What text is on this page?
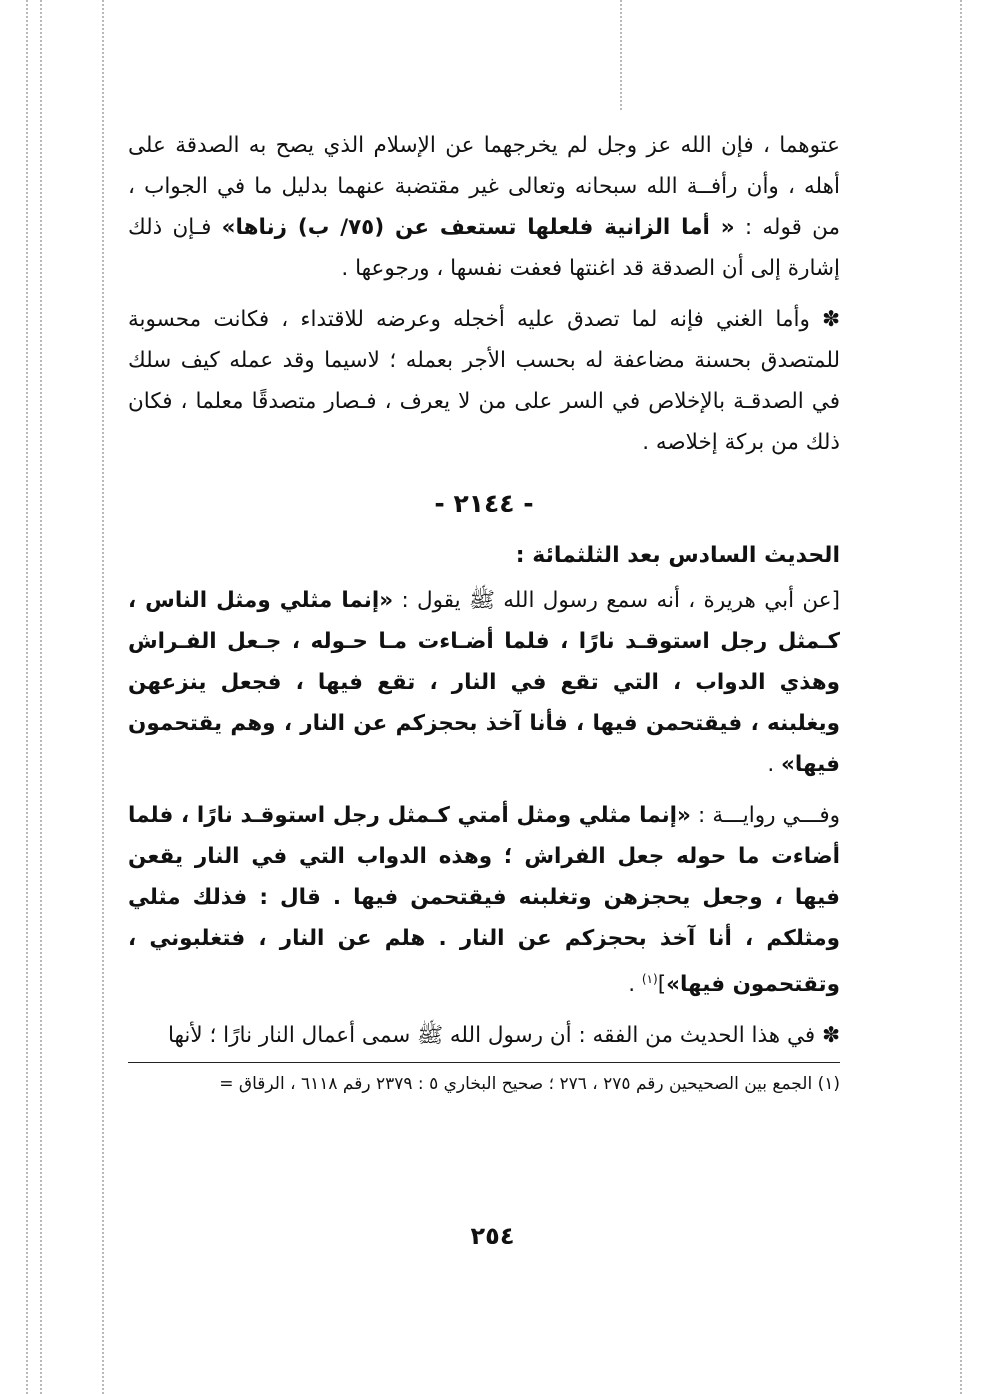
عتوهما ، فإن الله عز وجل لم يخرجهما عن الإسلام الذي يصح به الصدقة على أهله ، وأن رأفــة الله سبحانه وتعالى غير مقتضبة عنهما بدليل ما في الجواب ، من قوله : « أما الزانية فلعلها تستعف عن (٧٥/ ب) زناها» فـإن ذلك إشارة إلى أن الصدقة قد اغنتها فعفت نفسها ، ورجوعها .

✽ وأما الغني فإنه لما تصدق عليه أخجله وعرضه للاقتداء ، فكانت محسوبة للمتصدق بحسنة مضاعفة له بحسب الأجر بعمله ؛ لاسيما وقد عمله كيف سلك في الصدقـة بالإخلاص في السر على من لا يعرف ، فـصار متصدقًا معلما ، فكان ذلك من بركة إخلاصه .

- ٢١٤٤ -
الحديث السادس بعد الثلثمائة :

[عن أبي هريرة ، أنه سمع رسول الله ﷺ يقول : «إنما مثلي ومثل الناس ، كـمثل رجل استوقـد نارًا ، فلما أضـاءت مـا حـوله ، جـعل الفـراش وهذي الدواب ، التي تقع في النار ، تقع فيها ، فجعل ينزعهن ويغلبنه ، فيقتحمن فيها ، فأنا آخذ بحجزكم عن النار ، وهم يقتحمون فيها» .

وفـــي روايـــة : «إنما مثلي ومثل أمتي كـمثل رجل استوقـد نارًا ، فلما أضاءت ما حوله جعل الفراش ؛ وهذه الدواب التي في النار يقعن فيها ، وجعل يحجزهن وتغلبنه فيقتحمن فيها . قال : فذلك مثلي ومثلكم ، أنا آخذ بحجزكم عن النار . هلم عن النار ، فتغلبوني ، وتقتحمون فيها»]$^{(١)}$ .

✽ في هذا الحديث من الفقه : أن رسول الله ﷺ سمى أعمال النار نارًا ؛ لأنها

(١) الجمع بين الصحيحين رقم ٢٧٥ ، ٢٧٦ ؛ صحيح البخاري ٥ : ٢٣٧٩ رقم ٦١١٨ ، الرقاق =
٢٥٤
